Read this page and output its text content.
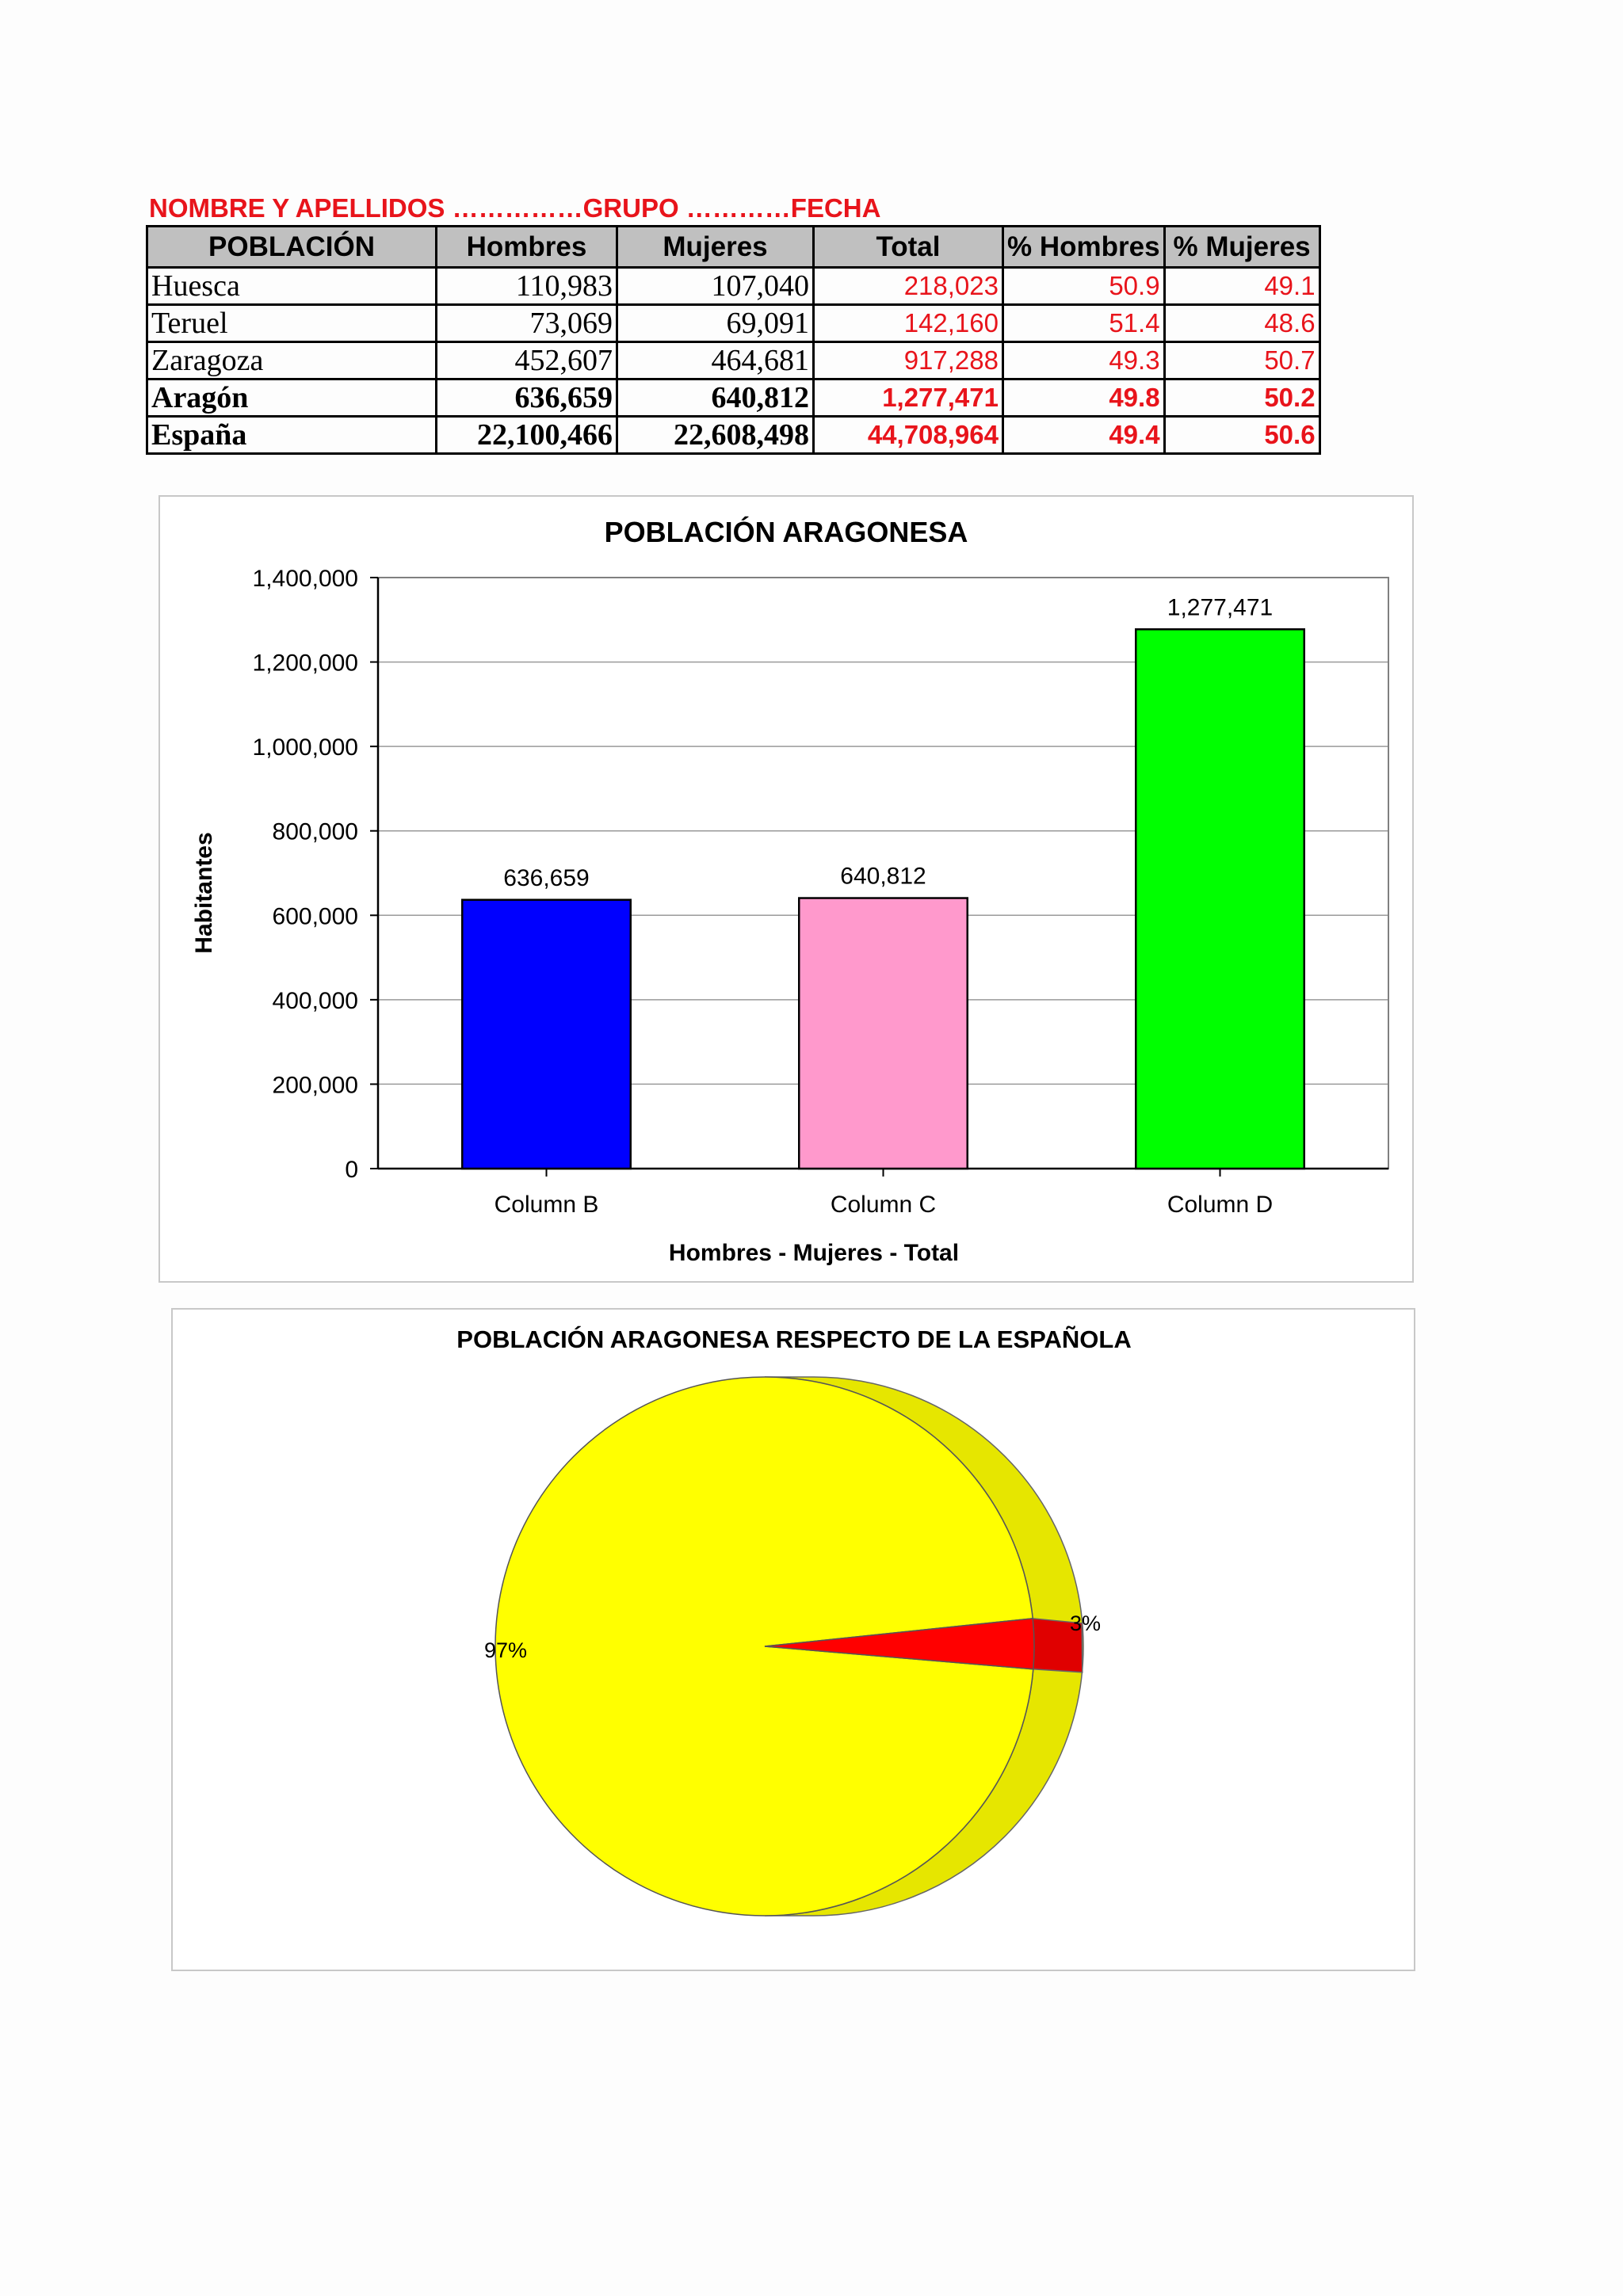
NOMBRE Y APELLIDOS ……………GRUPO …………FECHA
POBLACIÓN	Hombres	Mujeres	Total	% Hombres	% Mujeres
Huesca	110,983	107,040	218,023	50.9	49.1
Teruel	73,069	69,091	142,160	51.4	48.6
Zaragoza	452,607	464,681	917,288	49.3	50.7
Aragón	636,659	640,812	1,277,471	49.8	50.2
España	22,100,466	22,608,498	44,708,964	49.4	50.6
POBLACIÓN ARAGONESA
Habitantes
Hombres - Mujeres - Total
0
200,000
400,000
600,000
800,000
1,000,000
1,200,000
1,400,000
636,659	640,812
1,277,471
Column B	Column C	Column D
POBLACIÓN ARAGONESA RESPECTO DE LA ESPAÑOLA
97%
3%
